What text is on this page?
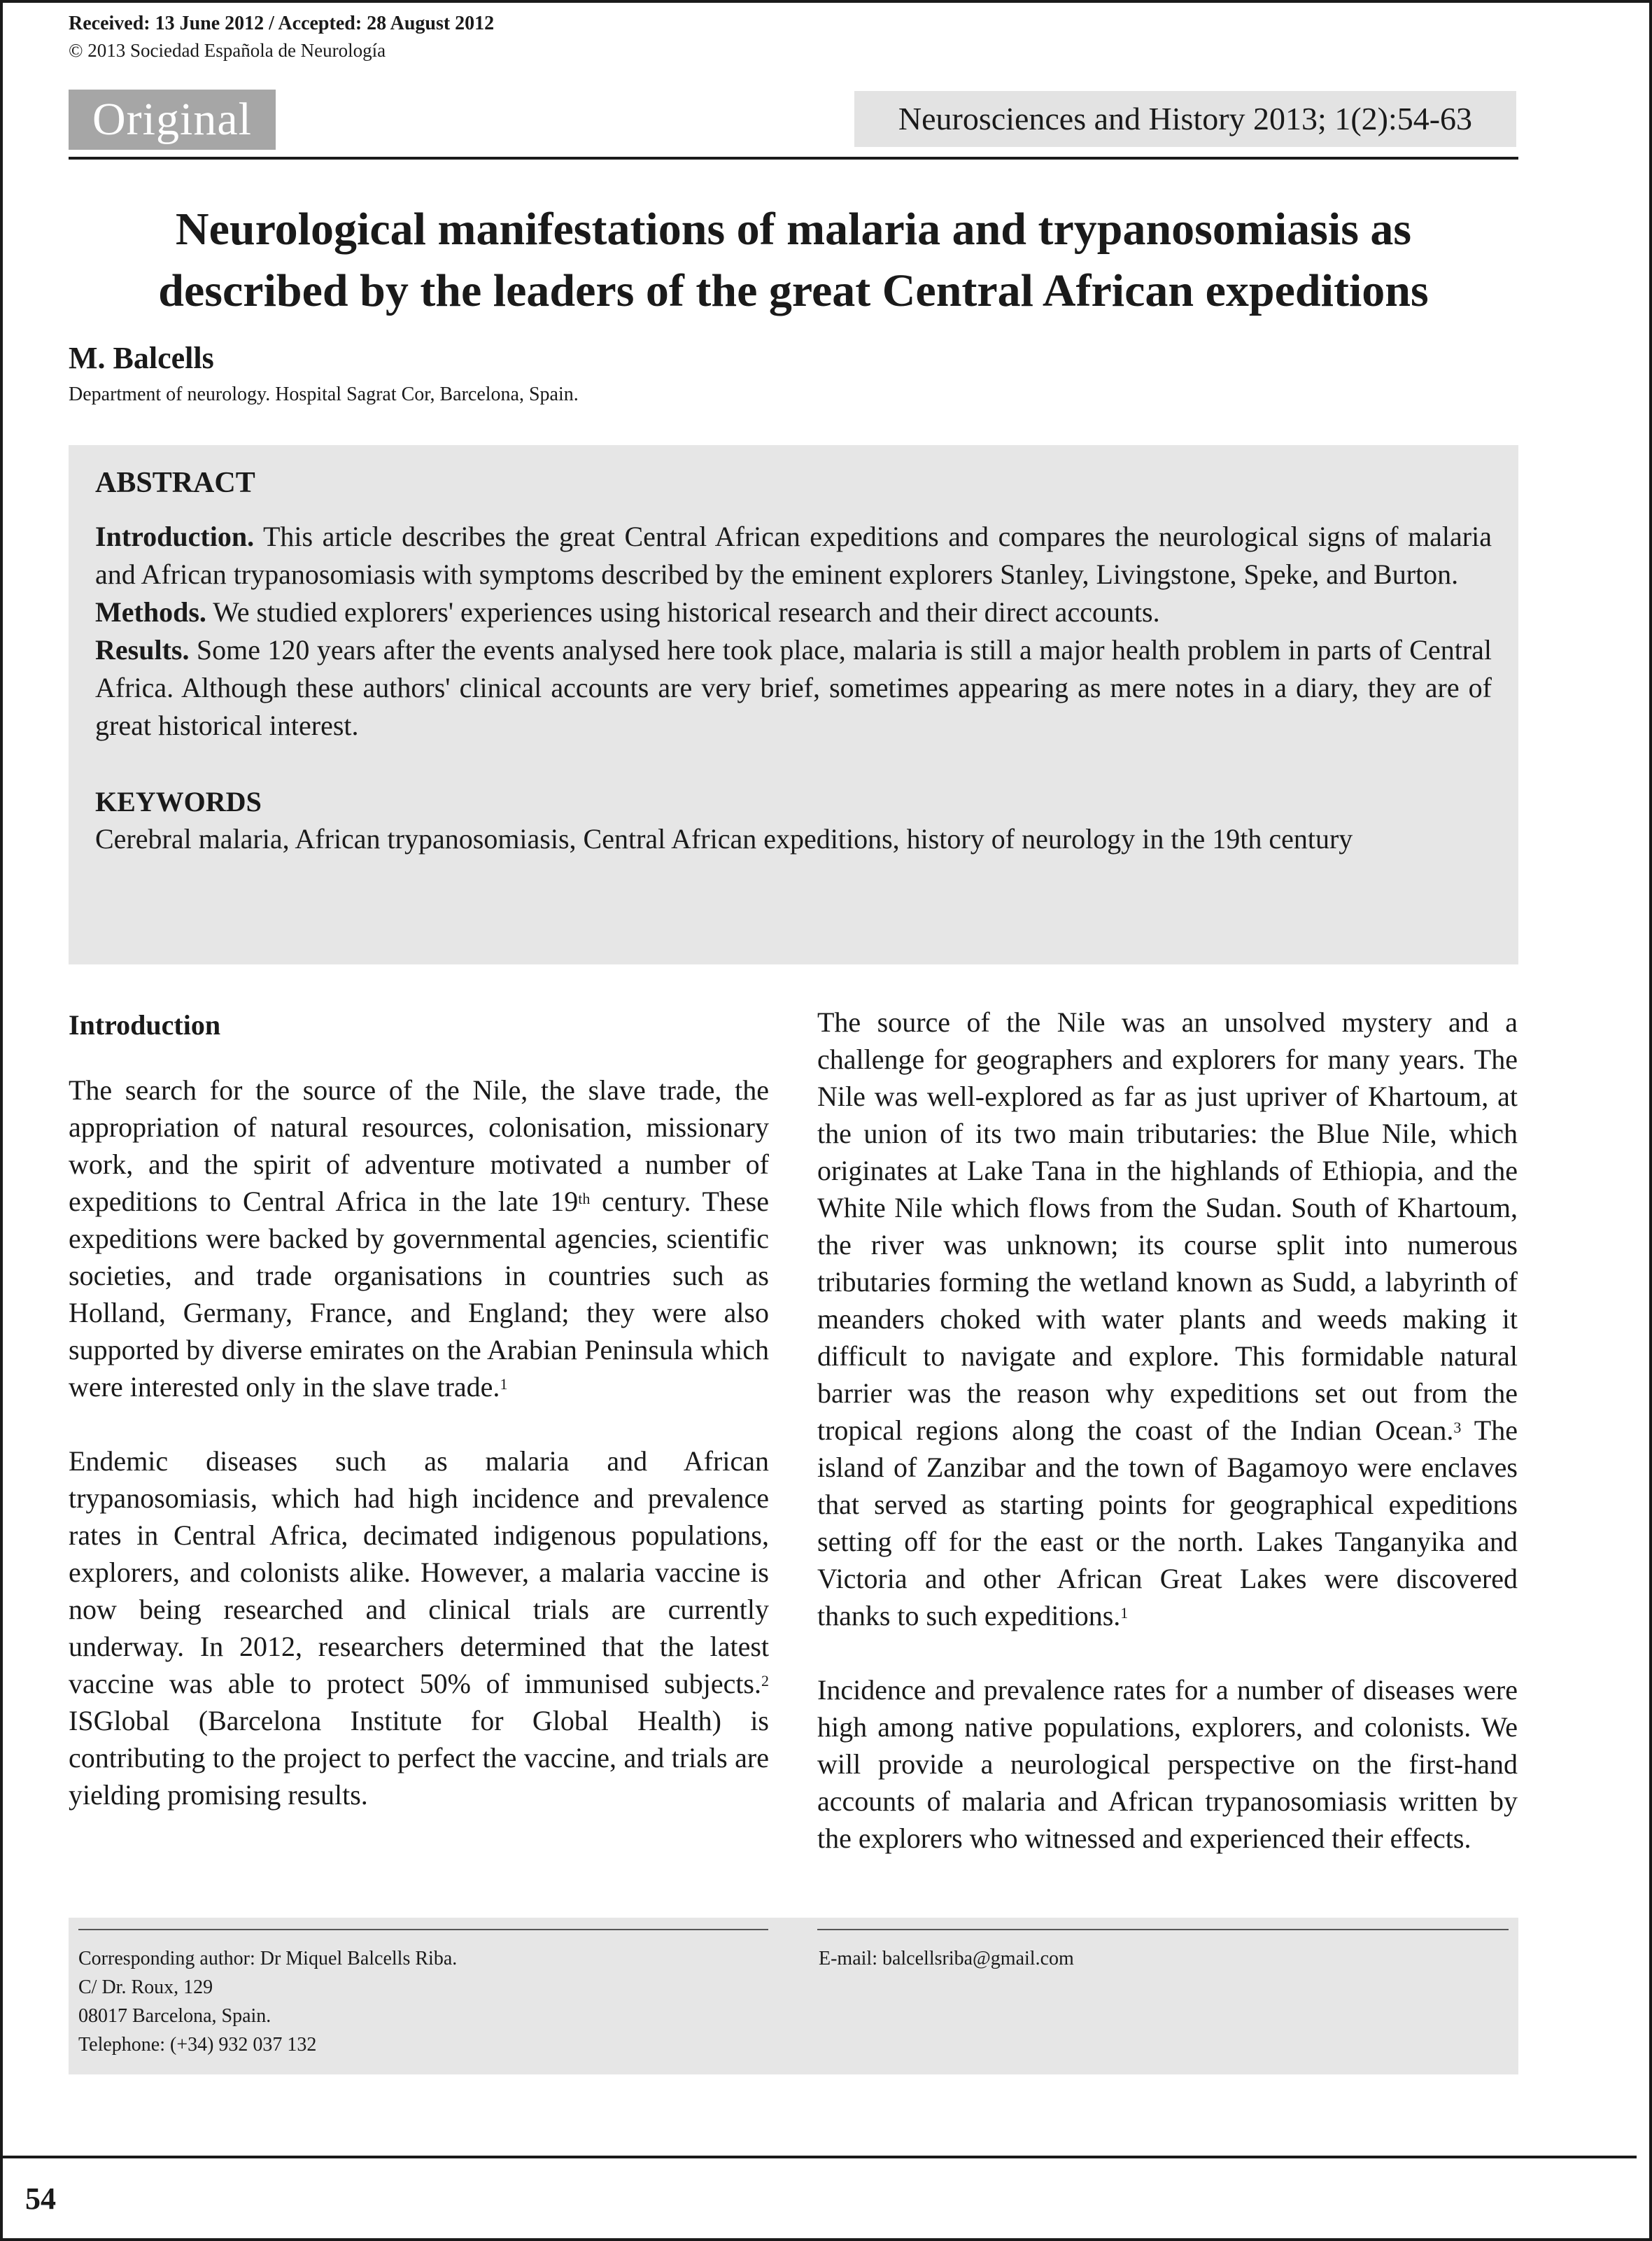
Received: 13 June 2012 / Accepted: 28 August 2012
© 2013 Sociedad Española de Neurología
Original	Neurosciences and History 2013; 1(2):54-63
Neurological manifestations of malaria and trypanosomiasis as
described by the leaders of the great Central African expeditions
M. Balcells
Department of neurology. Hospital Sagrat Cor, Barcelona, Spain.
ABSTRACT

Introduction. This article describes the great Central African expeditions and compares the neurological signs of malaria and African trypanosomiasis with symptoms described by the eminent explorers Stanley, Livingstone, Speke, and Burton.

Methods. We studied explorers' experiences using historical research and their direct accounts.

Results. Some 120 years after the events analysed here took place, malaria is still a major health problem in parts of Central Africa. Although these authors' clinical accounts are very brief, sometimes appearing as mere notes in a diary, they are of great historical interest.

KEYWORDS

Cerebral malaria, African trypanosomiasis, Central African expeditions, history of neurology in the 19th century

Introduction

The search for the source of the Nile, the slave trade, the appropriation of natural resources, colonisation, missionary work, and the spirit of adventure motivated a number of expeditions to Central Africa in the late 19th century. These expeditions were backed by governmental agencies, scientific societies, and trade organisations in countries such as Holland, Germany, France, and England; they were also supported by diverse emirates on the Arabian Peninsula which were interested only in the slave trade.$^1$

Endemic diseases such as malaria and African trypanosomiasis, which had high incidence and prevalence rates in Central Africa, decimated indigenous populations, explorers, and colonists alike. However, a malaria vaccine is now being researched and clinical trials are currently underway. In 2012, researchers determined that the latest vaccine was able to protect 50% of immunised subjects.$^2$ ISGlobal (Barcelona Institute for Global Health) is contributing to the project to perfect the vaccine, and trials are yielding promising results.

The source of the Nile was an unsolved mystery and a challenge for geographers and explorers for many years. The Nile was well-explored as far as just upriver of Khartoum, at the union of its two main tributaries: the Blue Nile, which originates at Lake Tana in the highlands of Ethiopia, and the White Nile which flows from the Sudan. South of Khartoum, the river was unknown; its course split into numerous tributaries forming the wetland known as Sudd, a labyrinth of meanders choked with water plants and weeds making it difficult to navigate and explore. This formidable natural barrier was the reason why expeditions set out from the tropical regions along the coast of the Indian Ocean.$^3$ The island of Zanzibar and the town of Bagamoyo were enclaves that served as starting points for geographical expeditions setting off for the east or the north. Lakes Tanganyika and Victoria and other African Great Lakes were discovered thanks to such expeditions.$^1$

Incidence and prevalence rates for a number of diseases were high among native populations, explorers, and colonists. We will provide a neurological perspective on the first-hand accounts of malaria and African trypanosomiasis written by the explorers who witnessed and experienced their effects.

Corresponding author: Dr Miquel Balcells Riba.
C/ Dr. Roux, 129
08017 Barcelona, Spain.
Telephone: (+34) 932 037 132
E-mail: balcellsriba@gmail.com
54
